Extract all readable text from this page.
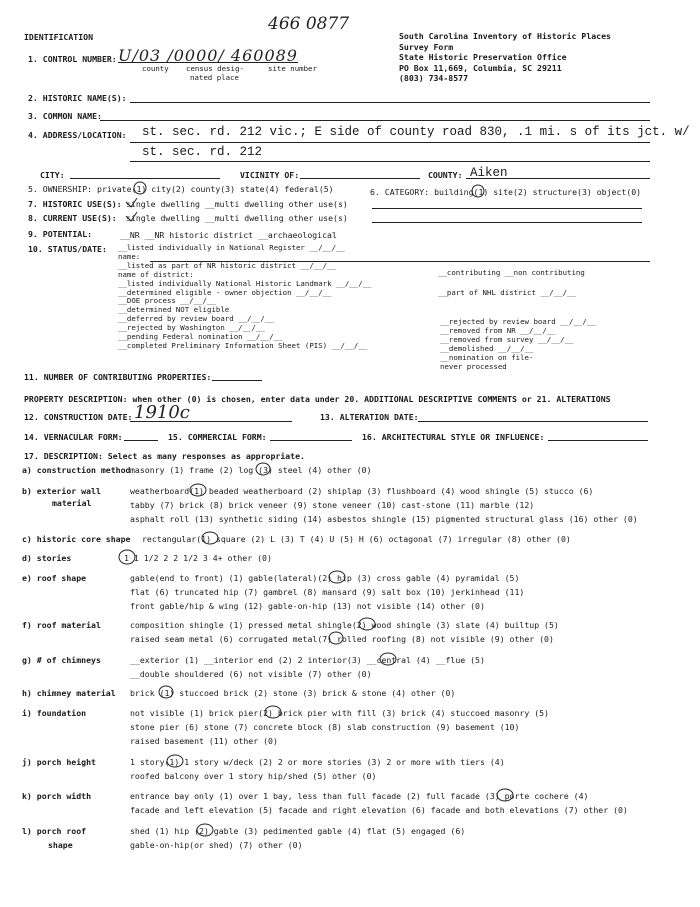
IDENTIFICATION
466 0877
South Carolina Inventory of Historic Places
Survey Form
State Historic Preservation Office
PO Box 11,669, Columbia, SC 29211
(803) 734-8577
1. CONTROL NUMBER: U/03 /0000/ 460089
county census desig-	site number
nated place
2. HISTORIC NAME(S):
3. COMMON NAME:
4. ADDRESS/LOCATION: st. sec. rd. 212 vic.; E side of county road 830, .1 mi. s of its jct. w/
st. sec. rd. 212
CITY:	VICINITY OF:	COUNTY: Aiken
5. OWNERSHIP: private(1) city(2) county(3) state(4) federal(5)	6. CATEGORY: building(1) site(2) structure(3) object(0)
7. HISTORIC USE(S): single dwelling __multi dwelling other use(s)
8. CURRENT USE(S): single dwelling __multi dwelling other use(s)
9. POTENTIAL:	__NR __NR historic district __archaeological
10. STATUS/DATE: __listed individually in National Register __/__/__
name:
__listed as part of NR historic district __/__/__
name of district:
__listed individually National Historic Landmark __/__/__
__determined eligible - owner objection __/__/__
__DOE process __/__/__
__determined NOT eligible
__deferred by review board __/__/__
__rejected by Washington __/__/__
__pending Federal nomination __/__/__
__completed Preliminary Information Sheet (PIS) __/__/__
__contributing __non contributing
__part of NHL district __/__/__
__rejected by review board __/__/__
__removed from NR __/__/__
__removed from survey __/__/__
__demolished __/__/__
__nomination on file-
never processed
11. NUMBER OF CONTRIBUTING PROPERTIES:
PROPERTY DESCRIPTION: when other (0) is chosen, enter data under 20. ADDITIONAL DESCRIPTIVE COMMENTS or 21. ALTERATIONS
12. CONSTRUCTION DATE: 1910c	13. ALTERATION DATE:
14. VERNACULAR FORM:	15. COMMERCIAL FORM:	16. ARCHITECTURAL STYLE OR INFLUENCE:
17. DESCRIPTION: Select as many responses as appropriate.
a) construction method masonry (1) frame (2) log (3) steel (4) other (0)
b) exterior wall
material
weatherboard(1) beaded weatherboard (2) shiplap (3) flushboard (4) wood shingle (5) stucco (6)
tabby (7) brick (8) brick veneer (9) stone veneer (10) cast-stone (11) marble (12)
asphalt roll (13) synthetic siding (14) asbestos shingle (15) pigmented structural glass (16) other (0)
c) historic core shape rectangular(1) square (2) L (3) T (4) U (5) H (6) octagonal (7) irregular (8) other (0)
d) stories	1 1 1/2 2 2 1/2 3 4+ other (0)
e) roof shape	gable(end to front) (1) gable(lateral)(2) hip (3) cross gable (4) pyramidal (5)
flat (6) truncated hip (7) gambrel (8) mansard (9) salt box (10) jerkinhead (11)
front gable/hip & wing (12) gable-on-hip (13) not visible (14) other (0)
f) roof material	composition shingle (1) pressed metal shingle(2) wood shingle (3) slate (4) builtup (5)
raised seam metal (6) corrugated metal(7) rolled roofing (8) not visible (9) other (0)
g) # of chimneys	__exterior (1) __interior end (2) 2 interior(3) __central (4) __flue (5)
__double shouldered (6) not visible (7) other (0)
h) chimney material brick (1) stuccoed brick (2) stone (3) brick & stone (4) other (0)
i) foundation	not visible (1) brick pier(2) brick pier with fill (3) brick (4) stuccoed masonry (5)
stone pier (6) stone (7) concrete block (8) slab construction (9) basement (10)
raised basement (11) other (0)
j) porch height	1 story(1) 1 story w/deck (2) 2 or more stories (3) 2 or more with tiers (4)
roofed balcony over 1 story hip/shed (5) other (0)
k) porch width	entrance bay only (1) over 1 bay, less than full facade (2) full facade (3) porte cochere (4)
facade and left elevation (5) facade and right elevation (6) facade and both elevations (7) other (0)
l) porch roof
shape
shed (1) hip (2) gable (3) pedimented gable (4) flat (5) engaged (6)
gable-on-hip(or shed) (7) other (0)
